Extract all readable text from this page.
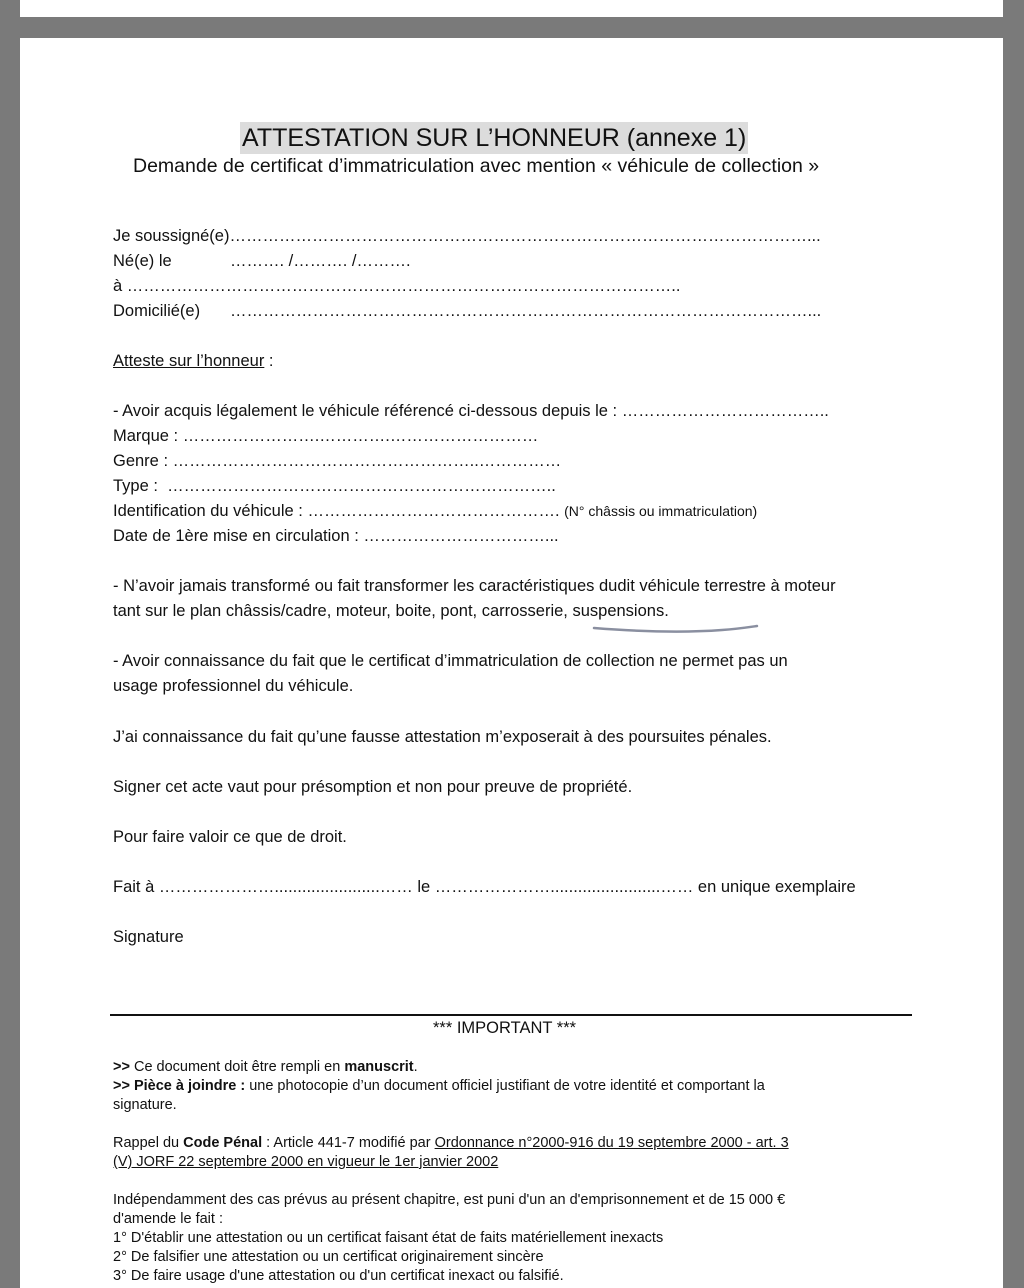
ATTESTATION SUR L’HONNEUR (annexe 1)
Demande de certificat d’immatriculation avec mention « véhicule de collection »
Je soussigné(e)……………………………………………………………………………………………...
Né(e) le	………. /………. /……….
à ………………………………………………………………………………………..
Domicilié(e) ……………………………………………………………………………………………...
Atteste sur l’honneur :
- Avoir acquis légalement le véhicule référencé ci-dessous depuis le : ………………………………..
Marque : …………………….………….………………………
Genre : ………………………………………………..……………
Type :  ……………………………………………………………..
Identification du véhicule : ………………………………………. (N° châssis ou immatriculation)
Date de 1ère mise en circulation : ……………………………...
- N’avoir jamais transformé ou fait transformer les caractéristiques dudit véhicule terrestre à moteur
tant sur le plan châssis/cadre, moteur, boite, pont, carrosserie, suspensions.
- Avoir connaissance du fait que le certificat d’immatriculation de collection ne permet pas un
usage professionnel du véhicule.
J’ai connaissance du fait qu’une fausse attestation m’exposerait à des poursuites pénales.
Signer cet acte vaut pour présomption et non pour preuve de propriété.
Pour faire valoir ce que de droit.
Fait à ………………….......................…… le …………………........................…… en unique exemplaire
Signature
*** IMPORTANT ***
>> Ce document doit être rempli en manuscrit.
>> Pièce à joindre : une photocopie d’un document officiel justifiant de votre identité et comportant la
signature.
Rappel du Code Pénal : Article 441-7 modifié par Ordonnance n°2000-916 du 19 septembre 2000 - art. 3
(V) JORF 22 septembre 2000 en vigueur le 1er janvier 2002
Indépendamment des cas prévus au présent chapitre, est puni d'un an d'emprisonnement et de 15 000 €
d'amende le fait :
1° D'établir une attestation ou un certificat faisant état de faits matériellement inexacts
2° De falsifier une attestation ou un certificat originairement sincère
3° De faire usage d'une attestation ou d'un certificat inexact ou falsifié.
